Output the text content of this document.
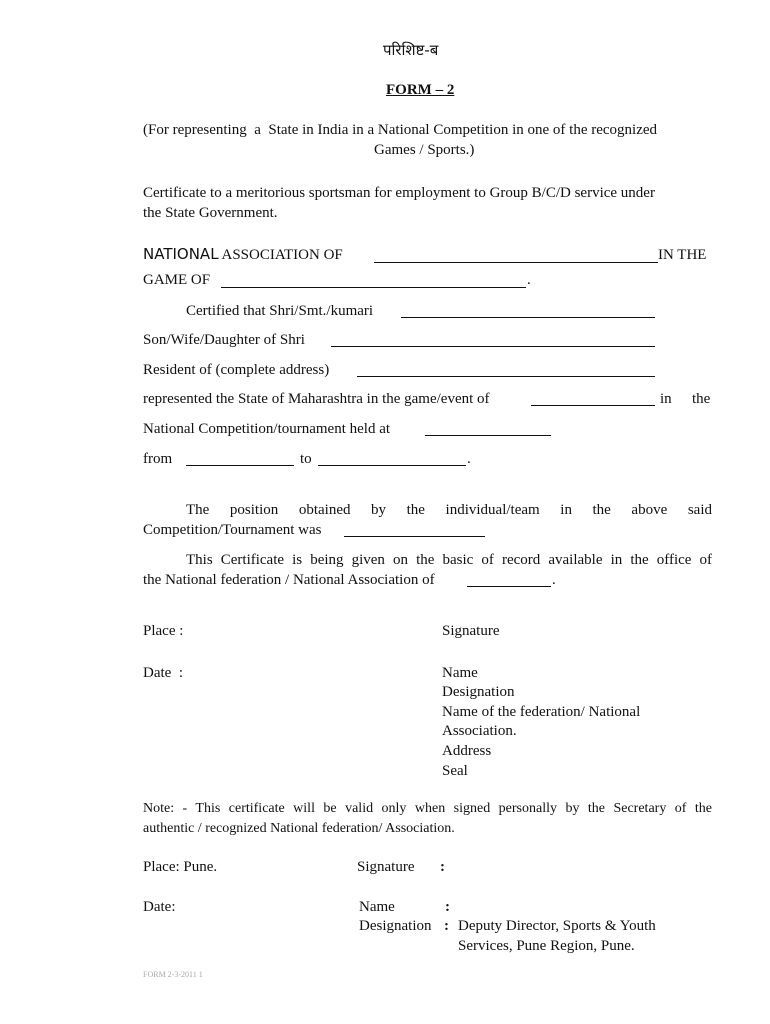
परिशिष्ट-ब
FORM – 2
(For representing  a  State in India in a National Competition in one of the recognized
Games / Sports.)
Certificate to a meritorious sportsman for employment to Group B/C/D service under
the State Government.
NATIONAL ASSOCIATION OF	IN THE
GAME OF	.
Certified that Shri/Smt./kumari
Son/Wife/Daughter of Shri
Resident of (complete address)
represented the State of Maharashtra in the game/event of	in the
National Competition/tournament held at
from	to	.
The position obtained by the individual/team in the above said
Competition/Tournament was
This Certificate is being given on the basic of record available in the office of
the National federation / National Association of	.
Place :	Signature
Date  :	Name
Designation
Name of the federation/ National
Association.
Address
Seal
Note: - This certificate will be valid only when signed personally by the Secretary of the
authentic / recognized National federation/ Association.
Place: Pune.	Signature :
Date:	Name	:
Designation : Deputy Director, Sports & Youth
Services, Pune Region, Pune.
FORM 2-3-2011 1
